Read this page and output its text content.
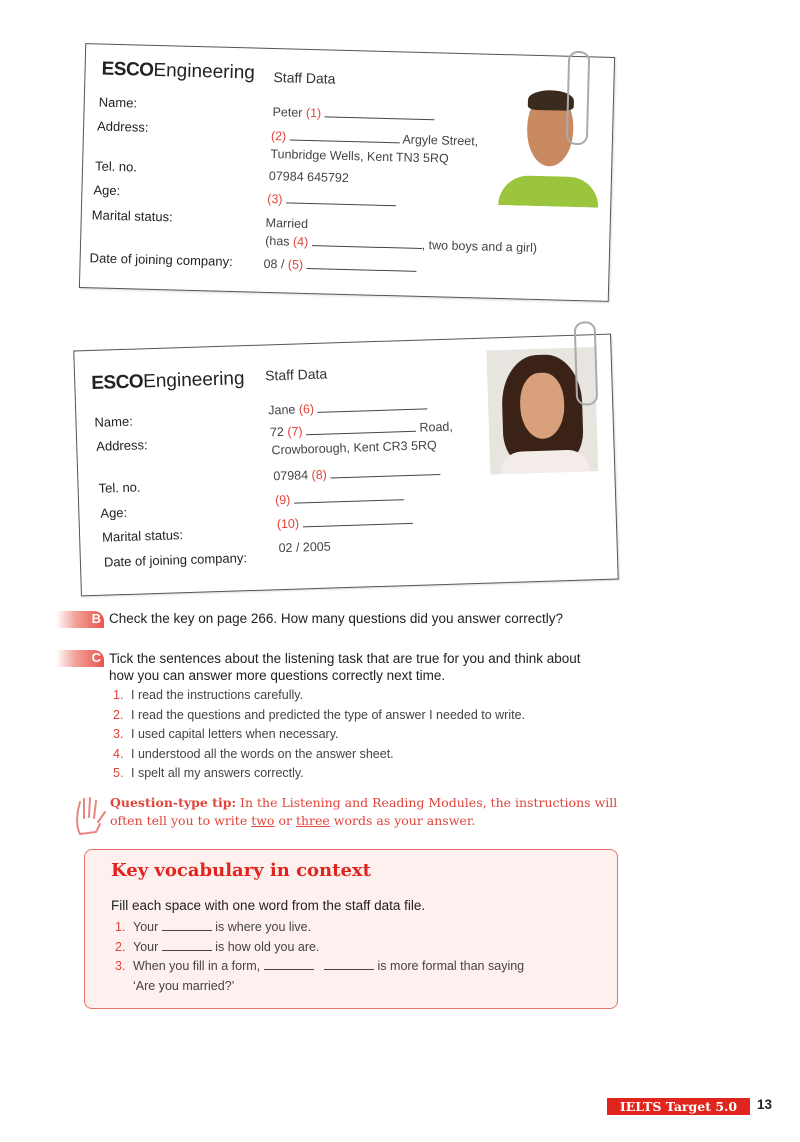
ESCOEngineering Staff Data
Name:
Peter (1)
Address:
(2)	Argyle Street,
Tunbridge Wells, Kent TN3 5RQ
Tel. no.
07984 645792
Age:
(3)
Marital status:	Married
(has (4)	, two boys and a girl)
Date of joining company: 08 / (5)
ESCOEngineering Staff Data
Name:
Jane (6)
Address:
72 (7)	Road,
Crowborough, Kent CR3 5RQ
Tel. no.
07984 (8)
Age:
(9)
Marital status:
(10)
Date of joining company:
02 / 2005
B Check the key on page 266. How many questions did you answer correctly?
C Tick the sentences about the listening task that are true for you and think about
how you can answer more questions correctly next time.
1. I read the instructions carefully.
2. I read the questions and predicted the type of answer I needed to write.
3. I used capital letters when necessary.
4. I understood all the words on the answer sheet.
5. I spelt all my answers correctly.
Question-type tip: In the Listening and Reading Modules, the instructions will
often tell you to write two or three words as your answer.
Key vocabulary in context
Fill each space with one word from the staff data file.
1. Your	is where you live.
2. Your	is how old you are.
3. When you fill in a form,	is more formal than saying
‘Are you married?’
IELTS Target 5.0	13
